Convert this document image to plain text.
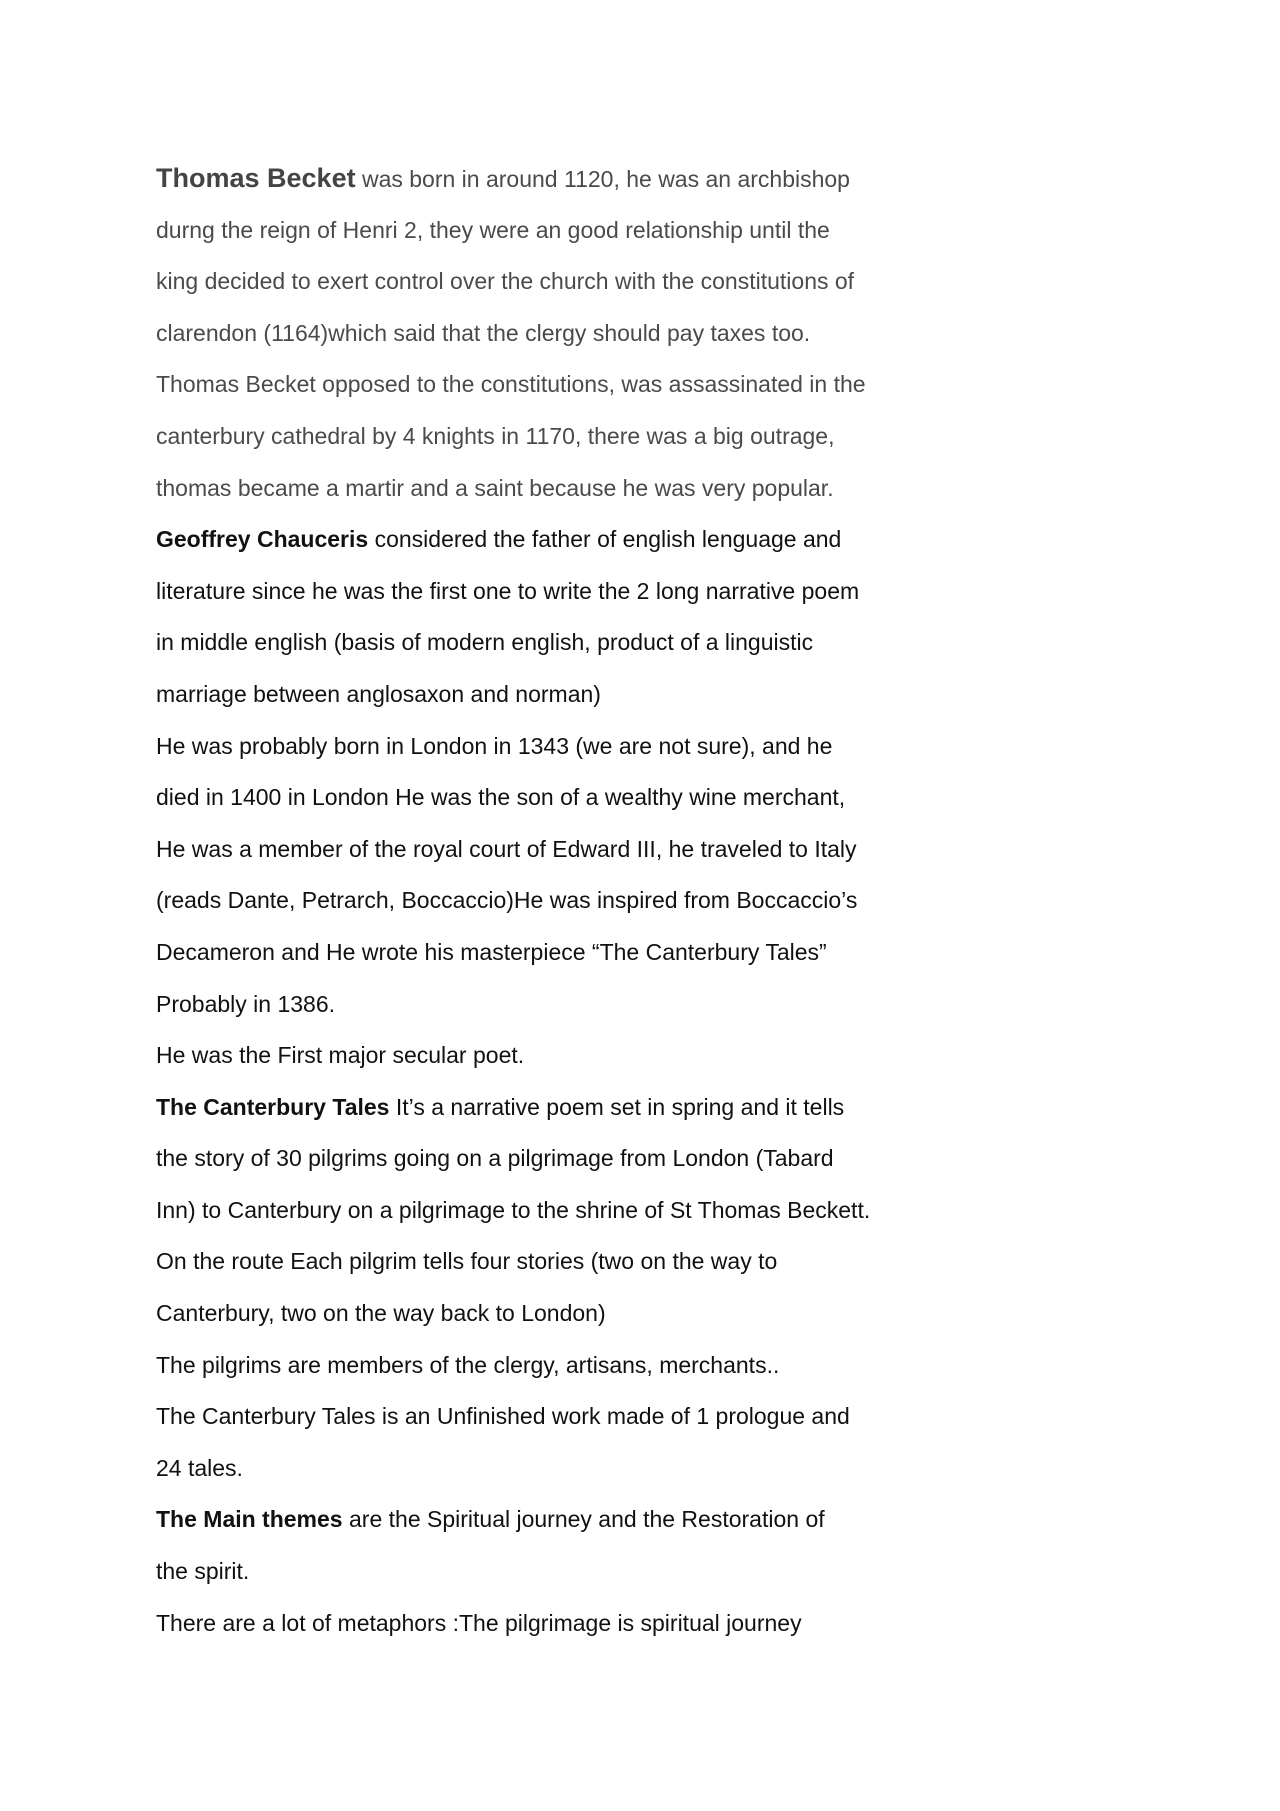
Thomas Becket was born in around 1120, he was an archbishop
durng the reign of Henri 2, they were an good relationship until the
king decided to exert control over the church with the constitutions of
clarendon (1164)which said that the clergy should pay taxes too.
Thomas Becket opposed to the constitutions, was assassinated in the
canterbury cathedral by 4 knights in 1170, there was a big outrage,
thomas became a martir and a saint because he was very popular.
Geoffrey Chauceris considered the father of english lenguage and
literature since he was the first one to write the 2 long narrative poem
in middle english (basis of modern english, product of a linguistic
marriage between anglosaxon and norman)
He was probably born in London in 1343 (we are not sure), and he
died in 1400 in London He was the son of a wealthy wine merchant,
He was a member of the royal court of Edward III, he traveled to Italy
(reads Dante, Petrarch, Boccaccio)He was inspired from Boccaccio’s
Decameron and He wrote his masterpiece “The Canterbury Tales”
Probably in 1386.
He was the First major secular poet.
The Canterbury Tales It’s a narrative poem set in spring and it tells
the story of 30 pilgrims going on a pilgrimage from London (Tabard
Inn) to Canterbury on a pilgrimage to the shrine of St Thomas Beckett.
On the route Each pilgrim tells four stories (two on the way to
Canterbury, two on the way back to London)
The pilgrims are members of the clergy, artisans, merchants..
The Canterbury Tales is an Unfinished work made of 1 prologue and
24 tales.
The Main themes are the Spiritual journey and the Restoration of
the spirit.
There are a lot of metaphors :The pilgrimage is spiritual journey
